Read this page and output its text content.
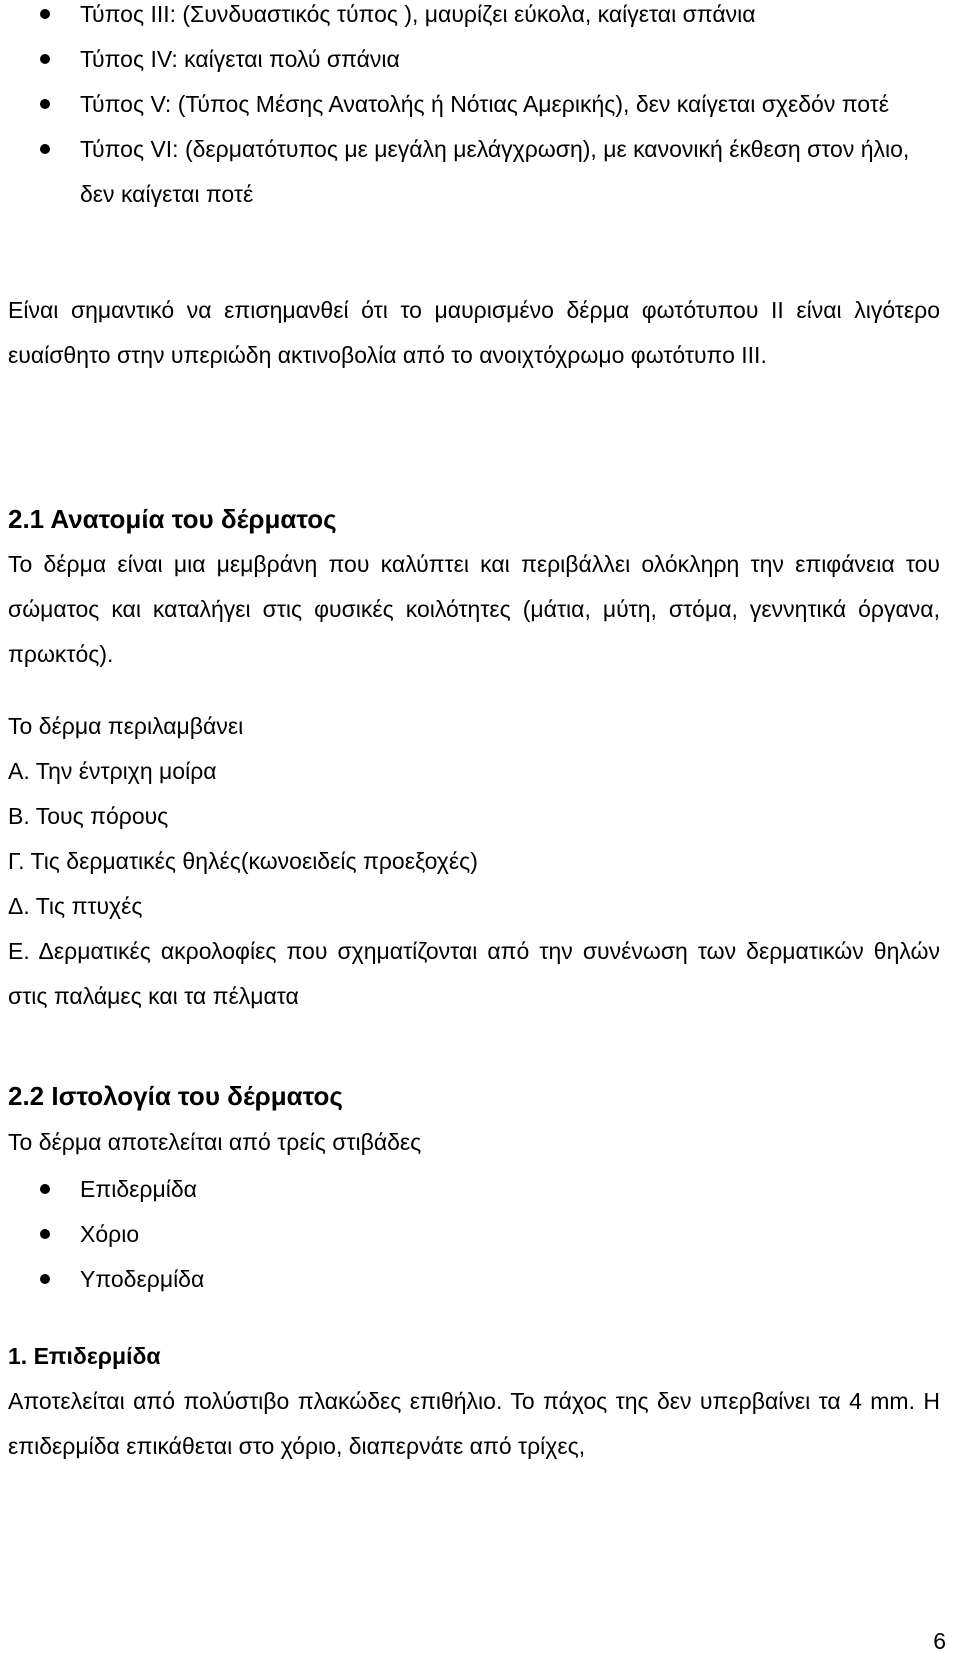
Τύπος ΙΙΙ: (Συνδυαστικός τύπος ), μαυρίζει εύκολα, καίγεται σπάνια
Τύπος ΙV: καίγεται πολύ σπάνια
Τύπος V: (Τύπος Μέσης Ανατολής ή Νότιας Αμερικής), δεν καίγεται σχεδόν ποτέ
Τύπος VI: (δερματότυπος με μεγάλη μελάγχρωση), με κανονική έκθεση στον ήλιο, δεν καίγεται ποτέ

Είναι σημαντικό να επισημανθεί ότι το μαυρισμένο δέρμα φωτότυπου ΙΙ είναι λιγότερο ευαίσθητο στην υπεριώδη ακτινοβολία από το ανοιχτόχρωμο φωτότυπο ΙΙΙ.

2.1 Ανατομία του δέρματος

Το δέρμα είναι μια μεμβράνη που καλύπτει και περιβάλλει ολόκληρη την επιφάνεια του σώματος και καταλήγει στις φυσικές κοιλότητες (μάτια, μύτη, στόμα, γεννητικά όργανα, πρωκτός).

Το δέρμα περιλαμβάνει

Α. Την έντριχη μοίρα

Β. Τους πόρους

Γ. Τις δερματικές θηλές(κωνοειδείς προεξοχές)

Δ. Τις πτυχές

Ε. Δερματικές ακρολοφίες που σχηματίζονται από την συνένωση των δερματικών θηλών στις παλάμες και τα πέλματα

2.2 Ιστολογία του δέρματος

Το δέρμα αποτελείται από τρείς στιβάδες

Επιδερμίδα
Χόριο
Υποδερμίδα
1. Επιδερμίδα

Αποτελείται από πολύστιβο πλακώδες επιθήλιο. Το πάχος της δεν υπερβαίνει τα 4 mm. Η επιδερμίδα επικάθεται στο χόριο, διαπερνάτε από τρίχες,

6
